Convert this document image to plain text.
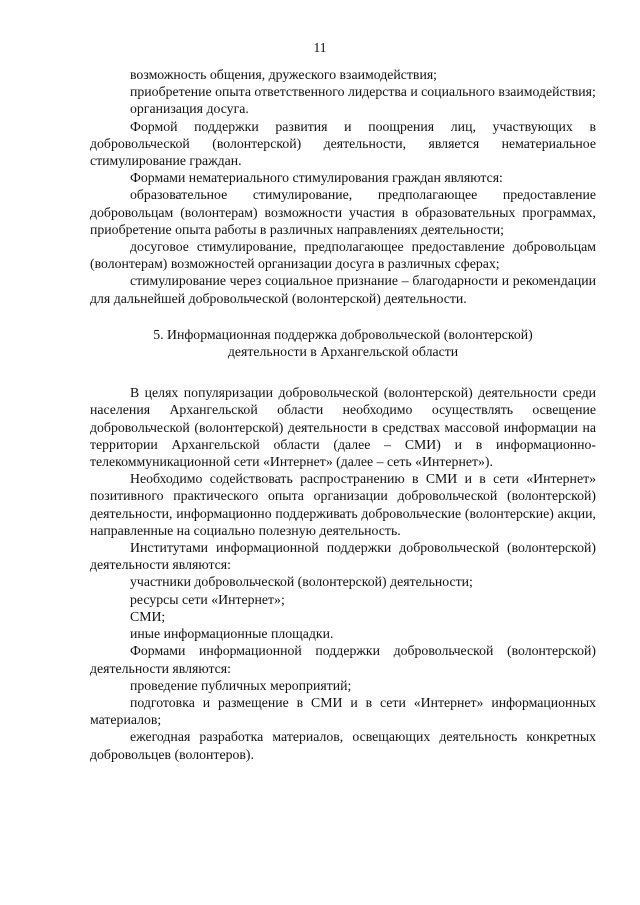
11

возможность общения, дружеского взаимодействия;

приобретение опыта ответственного лидерства и социального взаимодействия;

организация досуга.

Формой поддержки развития и поощрения лиц, участвующих в добровольческой (волонтерской) деятельности, является нематериальное стимулирование граждан.

Формами нематериального стимулирования граждан являются:

образовательное стимулирование, предполагающее предоставление добровольцам (волонтерам) возможности участия в образовательных программах, приобретение опыта работы в различных направлениях деятельности;

досуговое стимулирование, предполагающее предоставление добровольцам (волонтерам) возможностей организации досуга в различных сферах;

стимулирование через социальное признание – благодарности и рекомендации для дальнейшей добровольческой (волонтерской) деятельности.

5. Информационная поддержка добровольческой (волонтерской)
деятельности в Архангельской области

В целях популяризации добровольческой (волонтерской) деятельности среди населения Архангельской области необходимо осуществлять освещение добровольческой (волонтерской) деятельности в средствах массовой информации на территории Архангельской области (далее – СМИ) и в информационно-телекоммуникационной сети «Интернет» (далее – сеть «Интернет»).

Необходимо содействовать распространению в СМИ и в сети «Интернет» позитивного практического опыта организации добровольческой (волонтерской) деятельности, информационно поддерживать добровольческие (волонтерские) акции, направленные на социально полезную деятельность.

Институтами информационной поддержки добровольческой (волонтерской) деятельности являются:

участники добровольческой (волонтерской) деятельности;

ресурсы сети «Интернет»;

СМИ;

иные информационные площадки.

Формами информационной поддержки добровольческой (волонтерской) деятельности являются:

проведение публичных мероприятий;

подготовка и размещение в СМИ и в сети «Интернет» информационных материалов;

ежегодная разработка материалов, освещающих деятельность конкретных добровольцев (волонтеров).
